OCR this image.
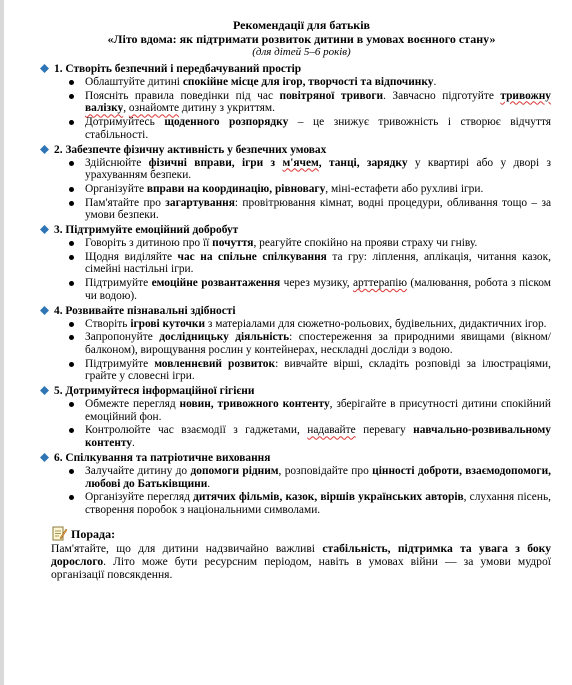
Рекомендації для батьків
«Літо вдома: як підтримати розвиток дитини в умовах воєнного стану»
(для дітей 5–6 років)
1. Створіть безпечний і передбачуваний простір
Облаштуйте дитині спокійне місце для ігор, творчості та відпочинку.
Поясніть правила поведінки під час повітряної тривоги. Завчасно підготуйте тривожну валізку, ознайомте дитину з укриттям.
Дотримуйтесь щоденного розпорядку – це знижує тривожність і створює відчуття стабільності.
2. Забезпечте фізичну активність у безпечних умовах
Здійснюйте фізичні вправи, ігри з м'ячем, танці, зарядку у квартирі або у дворі з урахуванням безпеки.
Організуйте вправи на координацію, рівновагу, міні-естафети або рухливі ігри.
Пам'ятайте про загартування: провітрювання кімнат, водні процедури, обливання тощо – за умови безпеки.
3. Підтримуйте емоційний добробут
Говоріть з дитиною про її почуття, реагуйте спокійно на прояви страху чи гніву.
Щодня виділяйте час на спільне спілкування та гру: ліплення, аплікація, читання казок, сімейні настільні ігри.
Підтримуйте емоційне розвантаження через музику, арттерапію (малювання, робота з піском чи водою).
4. Розвивайте пізнавальні здібності
Створіть ігрові куточки з матеріалами для сюжетно-рольових, будівельних, дидактичних ігор.
Запропонуйте дослідницьку діяльність: спостереження за природними явищами (вікном/балконом), вирощування рослин у контейнерах, нескладні досліди з водою.
Підтримуйте мовленнєвий розвиток: вивчайте вірші, складіть розповіді за ілюстраціями, грайте у словесні ігри.
5. Дотримуйтеся інформаційної гігієни
Обмежте перегляд новин, тривожного контенту, зберігайте в присутності дитини спокійний емоційний фон.
Контролюйте час взаємодії з гаджетами, надавайте перевагу навчально-розвивальному контенту.
6. Спілкування та патріотичне виховання
Залучайте дитину до допомоги рідним, розповідайте про цінності доброти, взаємодопомоги, любові до Батьківщини.
Організуйте перегляд дитячих фільмів, казок, віршів українських авторів, слухання пісень, створення поробок з національними символами.
Порада:
Пам'ятайте, що для дитини надзвичайно важливі стабільність, підтримка та увага з боку дорослого. Літо може бути ресурсним періодом, навіть в умовах війни — за умови мудрої організації повсякдення.
